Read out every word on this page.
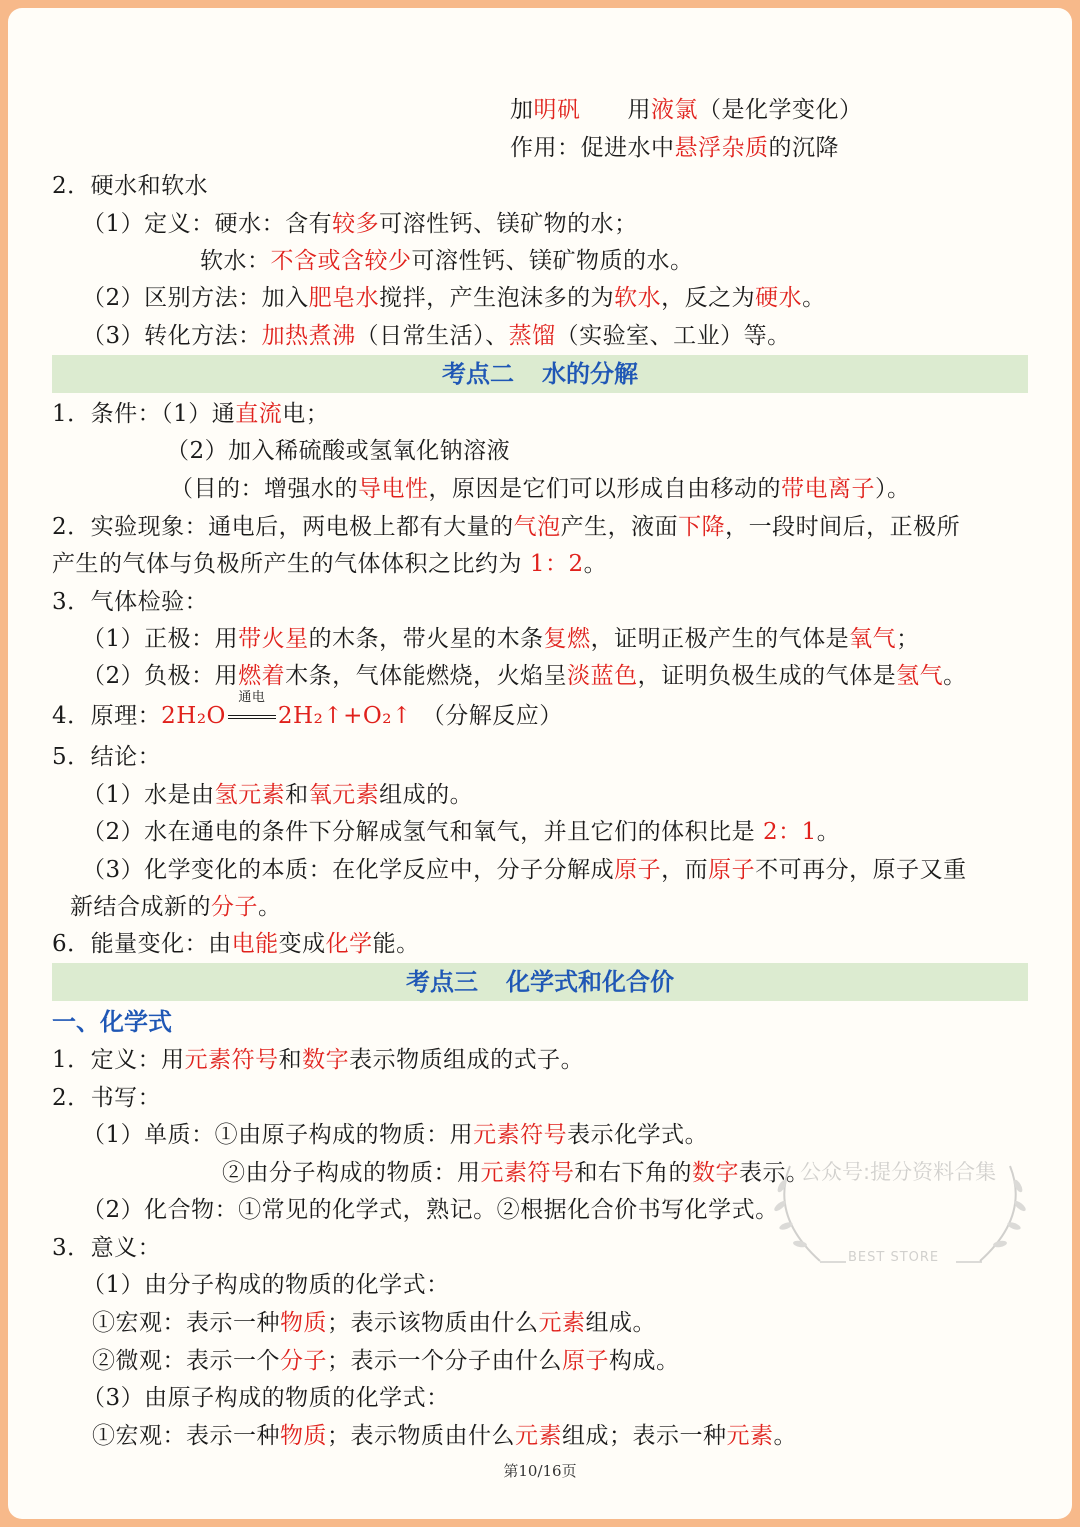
加明矾　　用液氯（是化学变化）
作用：促进水中悬浮杂质的沉降
2．硬水和软水
（1）定义：硬水：含有较多可溶性钙、镁矿物的水；
软水：不含或含较少可溶性钙、镁矿物质的水。
（2）区别方法：加入肥皂水搅拌，产生泡沫多的为软水，反之为硬水。
（3）转化方法：加热煮沸（日常生活）、蒸馏（实验室、工业）等。
考点二 水的分解
1．条件：（1）通直流电；
（2）加入稀硫酸或氢氧化钠溶液
（目的：增强水的导电性，原因是它们可以形成自由移动的带电离子）。
2．实验现象：通电后，两电极上都有大量的气泡产生，液面下降，一段时间后，正极所
产生的气体与负极所产生的气体体积之比约为 1：2。
3．气体检验：
（1）正极：用带火星的木条，带火星的木条复燃，证明正极产生的气体是氧气；
（2）负极：用燃着木条，气体能燃烧，火焰呈淡蓝色，证明负极生成的气体是氢气。
4．原理：2H₂O
通电
2H₂↑+O₂↑ （分解反应）
5．结论：
（1）水是由氢元素和氧元素组成的。
（2）水在通电的条件下分解成氢气和氧气，并且它们的体积比是 2：1。
（3）化学变化的本质：在化学反应中，分子分解成原子，而原子不可再分，原子又重
新结合成新的分子。
6．能量变化：由电能变成化学能。
考点三 化学式和化合价
一、化学式
1．定义：用元素符号和数字表示物质组成的式子。
2．书写：
（1）单质：①由原子构成的物质：用元素符号表示化学式。
②由分子构成的物质：用元素符号和右下角的数字表示。
（2）化合物：①常见的化学式，熟记。②根据化合价书写化学式。
3．意义：
（1）由分子构成的物质的化学式：
①宏观：表示一种物质；表示该物质由什么元素组成。
②微观：表示一个分子；表示一个分子由什么原子构成。
（3）由原子构成的物质的化学式：
①宏观：表示一种物质；表示物质由什么元素组成；表示一种元素。
公众号:提分资料合集
BEST STORE
第10/16页
